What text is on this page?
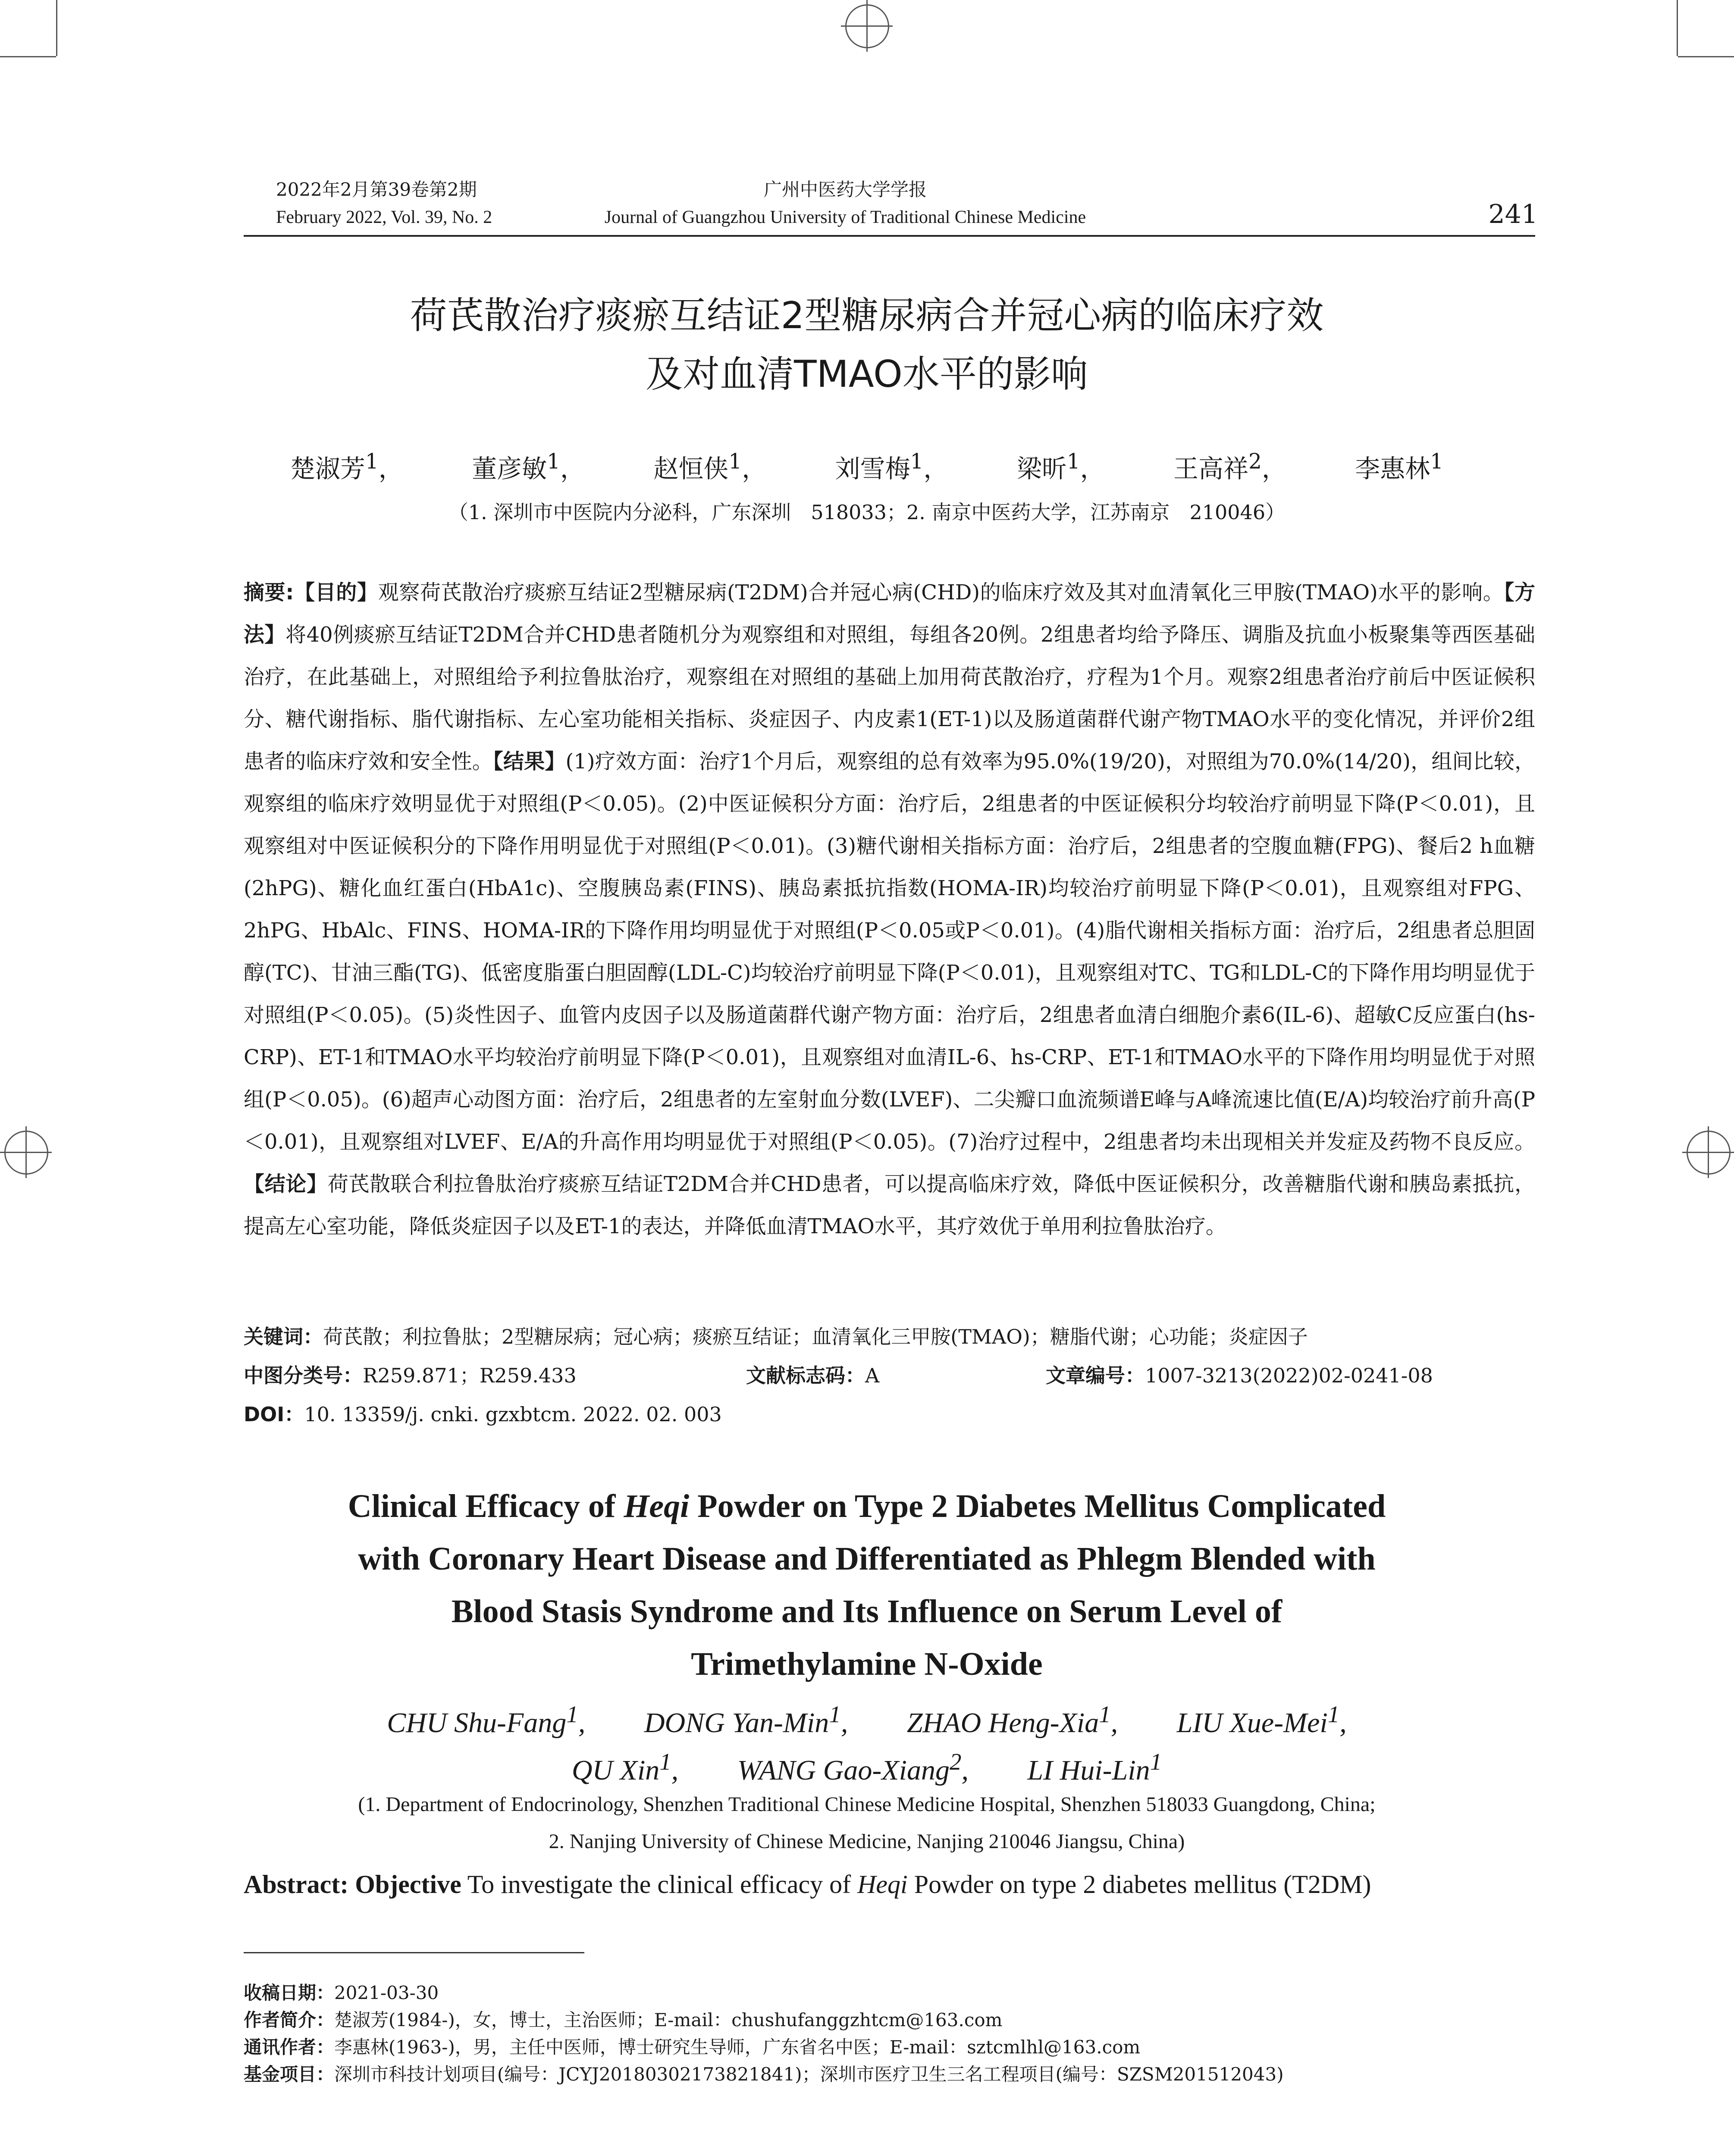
2022年2月第39卷第2期
February 2022, Vol. 39, No. 2
广州中医药大学学报
Journal of Guangzhou University of Traditional Chinese Medicine	241
荷芪散治疗痰瘀互结证2型糖尿病合并冠心病的临床疗效
及对血清TMAO水平的影响
楚淑芳$^1$，	董彦敏$^1$，	赵恒侠$^1$，	刘雪梅$^1$，	梁昕$^1$，	王高祥$^2$，	李惠林$^1$
（1. 深圳市中医院内分泌科，广东深圳　518033；2. 南京中医药大学，江苏南京　210046）
摘要:【目的】观察荷芪散治疗痰瘀互结证2型糖尿病(T2DM)合并冠心病(CHD)的临床疗效及其对血清氧化三甲胺(TMAO)水平的影响。【方法】将40例痰瘀互结证T2DM合并CHD患者随机分为观察组和对照组，每组各20例。2组患者均给予降压、调脂及抗血小板聚集等西医基础治疗，在此基础上，对照组给予利拉鲁肽治疗，观察组在对照组的基础上加用荷芪散治疗，疗程为1个月。观察2组患者治疗前后中医证候积分、糖代谢指标、脂代谢指标、左心室功能相关指标、炎症因子、内皮素1(ET-1)以及肠道菌群代谢产物TMAO水平的变化情况，并评价2组患者的临床疗效和安全性。【结果】(1)疗效方面：治疗1个月后，观察组的总有效率为95.0%(19/20)，对照组为70.0%(14/20)，组间比较，观察组的临床疗效明显优于对照组(P＜0.05)。(2)中医证候积分方面：治疗后，2组患者的中医证候积分均较治疗前明显下降(P＜0.01)，且观察组对中医证候积分的下降作用明显优于对照组(P＜0.01)。(3)糖代谢相关指标方面：治疗后，2组患者的空腹血糖(FPG)、餐后2 h血糖(2hPG)、糖化血红蛋白(HbA1c)、空腹胰岛素(FINS)、胰岛素抵抗指数(HOMA-IR)均较治疗前明显下降(P＜0.01)，且观察组对FPG、2hPG、HbAlc、FINS、HOMA-IR的下降作用均明显优于对照组(P＜0.05或P＜0.01)。(4)脂代谢相关指标方面：治疗后，2组患者总胆固醇(TC)、甘油三酯(TG)、低密度脂蛋白胆固醇(LDL-C)均较治疗前明显下降(P＜0.01)，且观察组对TC、TG和LDL-C的下降作用均明显优于对照组(P＜0.05)。(5)炎性因子、血管内皮因子以及肠道菌群代谢产物方面：治疗后，2组患者血清白细胞介素6(IL-6)、超敏C反应蛋白(hs-CRP)、ET-1和TMAO水平均较治疗前明显下降(P＜0.01)，且观察组对血清IL-6、hs-CRP、ET-1和TMAO水平的下降作用均明显优于对照组(P＜0.05)。(6)超声心动图方面：治疗后，2组患者的左室射血分数(LVEF)、二尖瓣口血流频谱E峰与A峰流速比值(E/A)均较治疗前升高(P＜0.01)，且观察组对LVEF、E/A的升高作用均明显优于对照组(P＜0.05)。(7)治疗过程中，2组患者均未出现相关并发症及药物不良反应。【结论】荷芪散联合利拉鲁肽治疗痰瘀互结证T2DM合并CHD患者，可以提高临床疗效，降低中医证候积分，改善糖脂代谢和胰岛素抵抗，提高左心室功能，降低炎症因子以及ET-1的表达，并降低血清TMAO水平，其疗效优于单用利拉鲁肽治疗。
关键词：荷芪散；利拉鲁肽；2型糖尿病；冠心病；痰瘀互结证；血清氧化三甲胺(TMAO)；糖脂代谢；心功能；炎症因子
中图分类号：R259.871；R259.433	文献标志码：A	文章编号：1007-3213(2022)02-0241-08
DOI：10. 13359/j. cnki. gzxbtcm. 2022. 02. 003
Clinical Efficacy of Heqi Powder on Type 2 Diabetes Mellitus Complicated
with Coronary Heart Disease and Differentiated as Phlegm Blended with
Blood Stasis Syndrome and Its Influence on Serum Level of
Trimethylamine N-Oxide
CHU Shu-Fang$^1$, DONG Yan-Min$^1$, ZHAO Heng-Xia$^1$, LIU Xue-Mei$^1$,
QU Xin$^1$, WANG Gao-Xiang$^2$, LI Hui-Lin$^1$
(1. Department of Endocrinology, Shenzhen Traditional Chinese Medicine Hospital, Shenzhen 518033 Guangdong, China;
2. Nanjing University of Chinese Medicine, Nanjing 210046 Jiangsu, China)
Abstract: Objective To investigate the clinical efficacy of Heqi Powder on type 2 diabetes mellitus (T2DM)
收稿日期：2021-03-30
作者简介：楚淑芳(1984-)，女，博士，主治医师；E-mail：chushufanggzhtcm@163.com
通讯作者：李惠林(1963-)，男，主任中医师，博士研究生导师，广东省名中医；E-mail：sztcmlhl@163.com
基金项目：深圳市科技计划项目(编号：JCYJ20180302173821841)；深圳市医疗卫生三名工程项目(编号：SZSM201512043)
